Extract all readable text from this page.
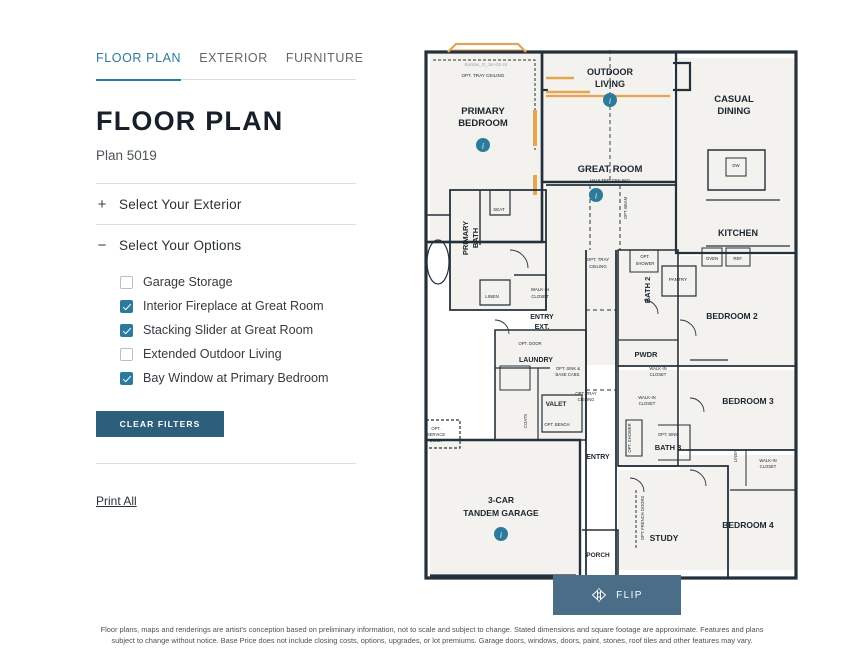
FLOOR PLAN EXTERIOR FURNITURE
FLOOR PLAN
Plan 5019
+ Select Your Exterior
− Select Your Options
Garage Storage
Interior Fireplace at Great Room
Stacking Slider at Great Room
Extended Outdoor Living
Bay Window at Primary Bedroom
CLEAR FILTERS
Print All
Bonitas_O_Jun-02-24
OPT. TRAY CEILING
PRIMARY
BEDROOM
OUTDOOR
LIVING
CASUAL
DINING
GREAT ROOM
VAULTED CEILING
KITCHEN
DW
OVEN	REF.
PANTRY
PRIMARY BATH
SEAT
LINEN
WALK-IN
CLOSET
OPT. TRAY
CEILING
OPT.
SHOWER
BATH 2
OPT. BEAM
BEDROOM 2
BEDROOM 3
BEDROOM 4
ENTRY
EXT.
LAUNDRY
OPT. DOOR
OPT. SINK &
BASE CABS.
PWDR
WALK-IN
CLOSET
WALK-IN
CLOSET
OPT. TRAY
CEILING
VALET
OPT. BENCH
COATS
OPT.
SERVICE
DOOR	OPT. SHOWER	OPT. SINK
BATH 3
LINEN	WALK-IN
CLOSET
ENTRY
3-CAR
TANDEM GARAGE	OPT. FRENCH DOORS STUDY
PORCH
i
i
i
i
FLIP
Floor plans, maps and renderings are artist's conception based on preliminary information, not to scale and subject to change. Stated dimensions and square footage are approximate. Features and plans subject to change without notice. Base Price does not include closing costs, options, upgrades, or lot premiums. Garage doors, windows, doors, paint, stones, roof tiles and other features may vary.
